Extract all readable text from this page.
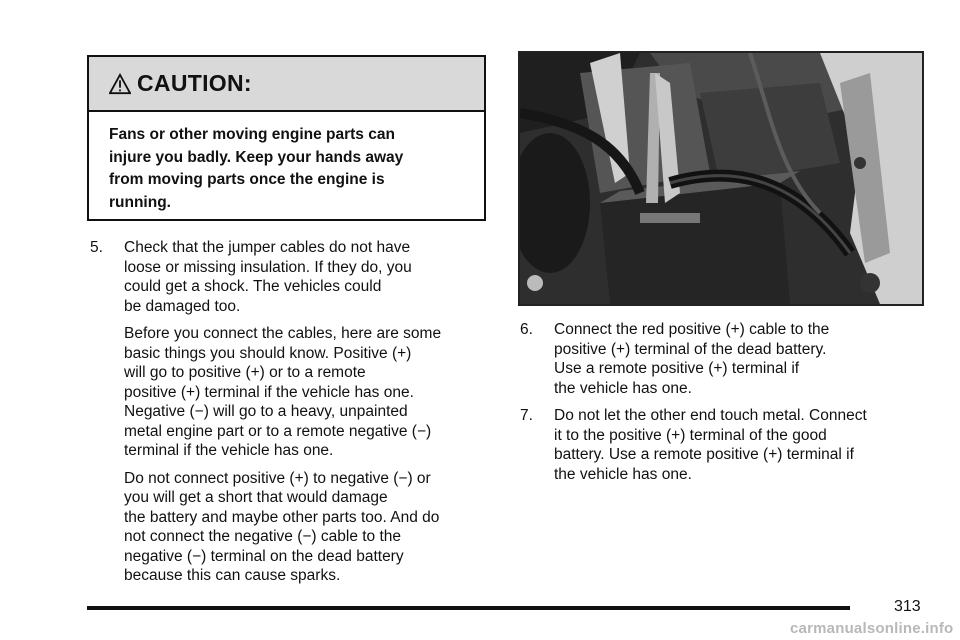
CAUTION:
Fans or other moving engine parts can
injure you badly. Keep your hands away
from moving parts once the engine is
running.
5. Check that the jumper cables do not have
loose or missing insulation. If they do, you
could get a shock. The vehicles could
be damaged too.
Before you connect the cables, here are some
basic things you should know. Positive (+)
will go to positive (+) or to a remote
positive (+) terminal if the vehicle has one.
Negative (−) will go to a heavy, unpainted
metal engine part or to a remote negative (−)
terminal if the vehicle has one.
Do not connect positive (+) to negative (−) or
you will get a short that would damage
the battery and maybe other parts too. And do
not connect the negative (−) cable to the
negative (−) terminal on the dead battery
because this can cause sparks.
6. Connect the red positive (+) cable to the
positive (+) terminal of the dead battery.
Use a remote positive (+) terminal if
the vehicle has one.
7. Do not let the other end touch metal. Connect
it to the positive (+) terminal of the good
battery. Use a remote positive (+) terminal if
the vehicle has one.
313
carmanualsonline.info
